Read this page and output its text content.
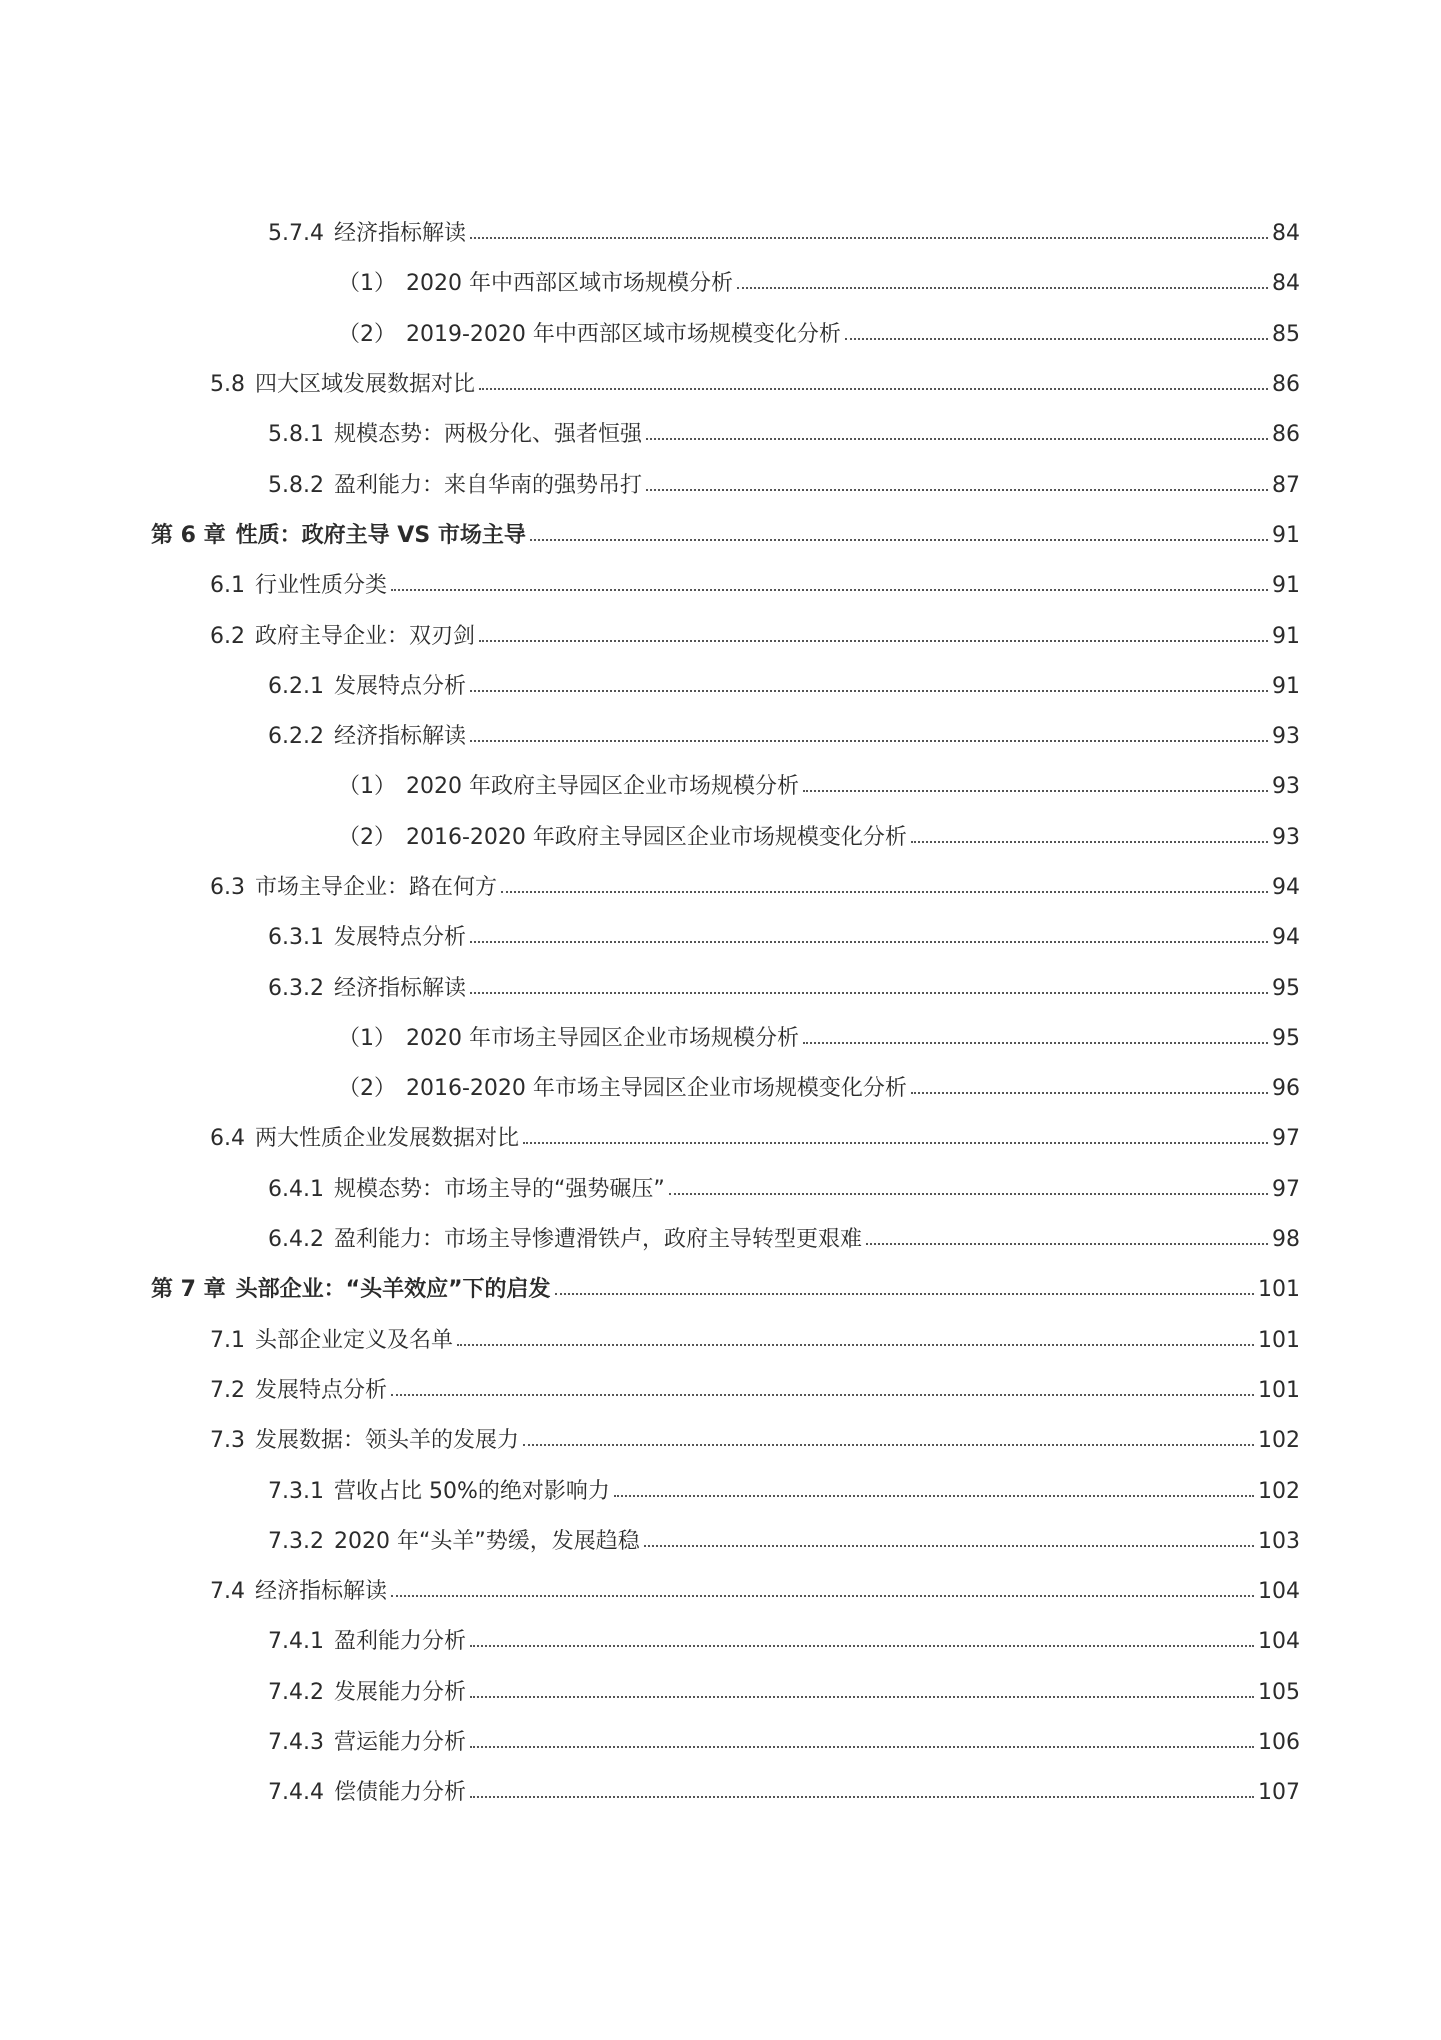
5.7.4 经济指标解读	84
（1） 2020 年中西部区域市场规模分析	84
（2） 2019-2020 年中西部区域市场规模变化分析	85
5.8 四大区域发展数据对比	86
5.8.1 规模态势：两极分化、强者恒强	86
5.8.2 盈利能力：来自华南的强势吊打	87
第 6 章 性质：政府主导 VS 市场主导	91
6.1 行业性质分类	91
6.2 政府主导企业：双刃剑	91
6.2.1 发展特点分析	91
6.2.2 经济指标解读	93
（1） 2020 年政府主导园区企业市场规模分析	93
（2） 2016-2020 年政府主导园区企业市场规模变化分析	93
6.3 市场主导企业：路在何方	94
6.3.1 发展特点分析	94
6.3.2 经济指标解读	95
（1） 2020 年市场主导园区企业市场规模分析	95
（2） 2016-2020 年市场主导园区企业市场规模变化分析	96
6.4 两大性质企业发展数据对比	97
6.4.1 规模态势：市场主导的“强势碾压”	97
6.4.2 盈利能力：市场主导惨遭滑铁卢，政府主导转型更艰难	98
第 7 章 头部企业：“头羊效应”下的启发	101
7.1 头部企业定义及名单	101
7.2 发展特点分析	101
7.3 发展数据：领头羊的发展力	102
7.3.1 营收占比 50%的绝对影响力	102
7.3.2 2020 年“头羊”势缓，发展趋稳	103
7.4 经济指标解读	104
7.4.1 盈利能力分析	104
7.4.2 发展能力分析	105
7.4.3 营运能力分析	106
7.4.4 偿债能力分析	107
